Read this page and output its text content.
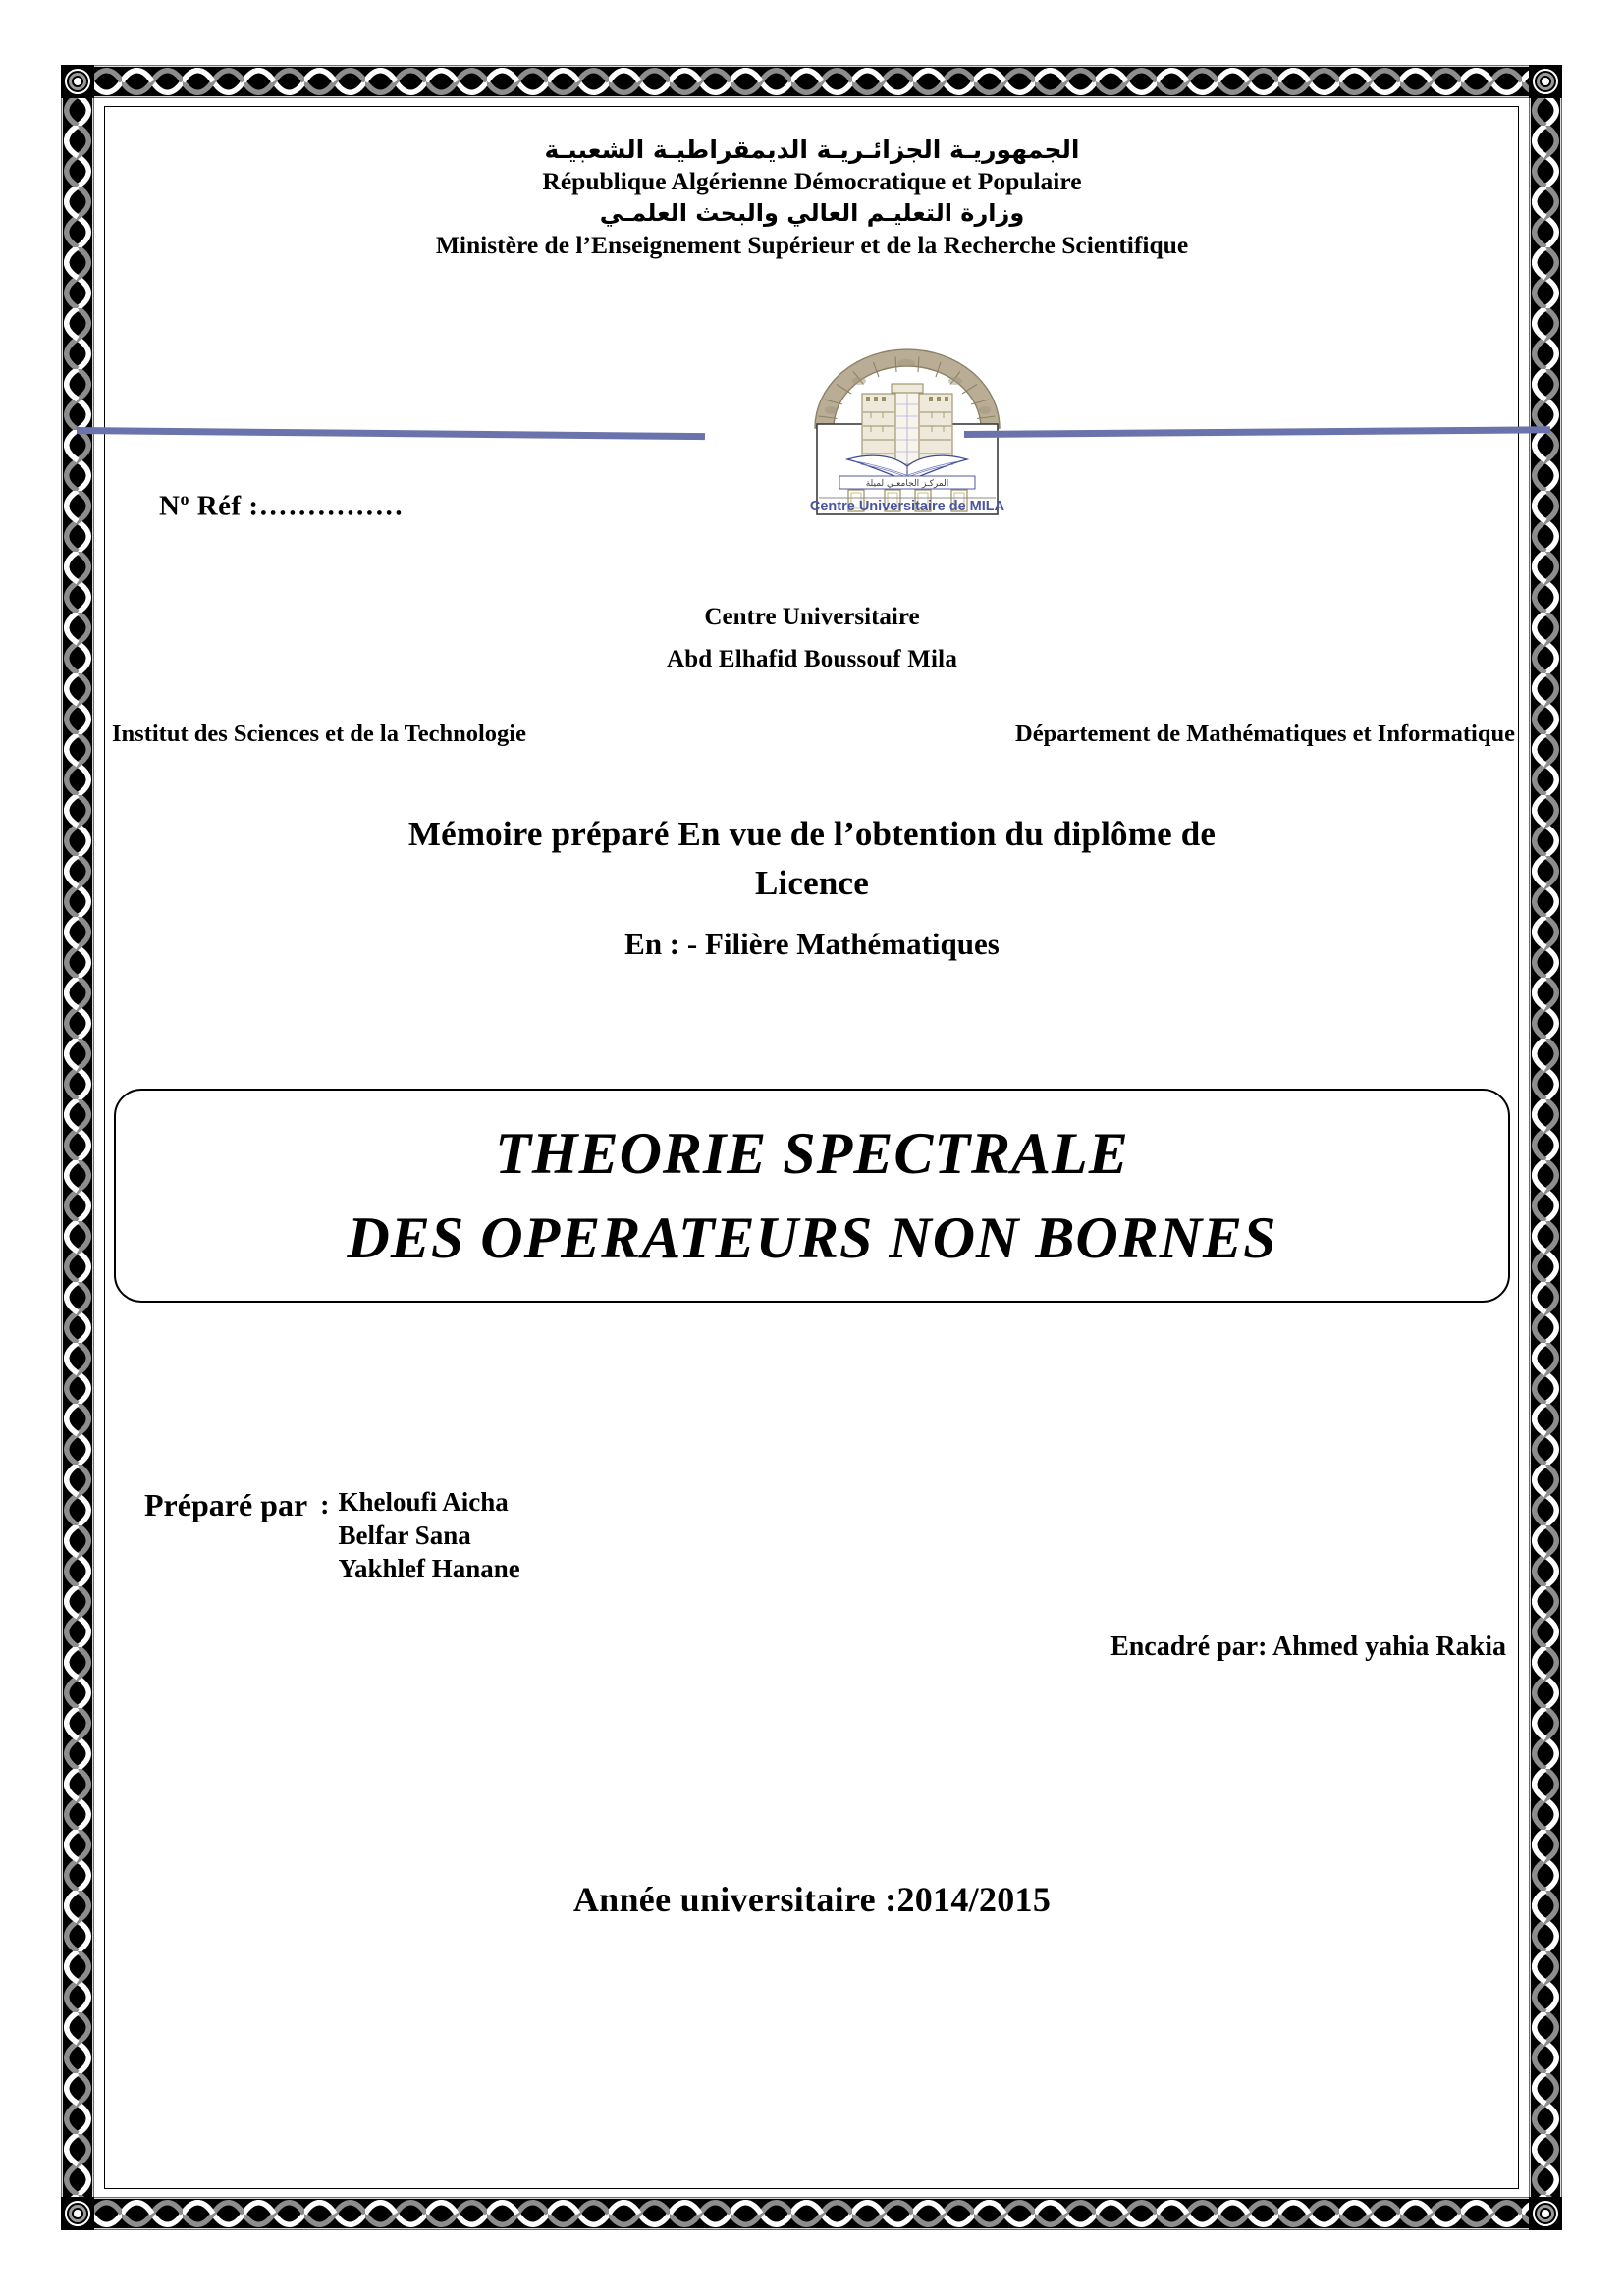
الجمهوريـة الجزائـريـة الديمقراطيـة الشعبيـة
République Algérienne Démocratique et Populaire
وزارة التعليـم العالي والبحث العلمـي
Ministère de l’Enseignement Supérieur et de la Recherche Scientifique
المركـز الجامعـي لميلة
Centre Universitaire de MILA
$N^o$ Réf :……………
Centre Universitaire
Abd Elhafid Boussouf Mila
Institut des Sciences et de la Technologie	Département de Mathématiques et Informatique
Mémoire préparé En vue de l’obtention du diplôme de
Licence
En : - Filière Mathématiques
THEORIE SPECTRALE
DES OPERATEURS NON BORNES
Préparé par : Kheloufi Aicha
Belfar Sana
Yakhlef Hanane
Encadré par: Ahmed yahia Rakia
Année universitaire :2014/2015
